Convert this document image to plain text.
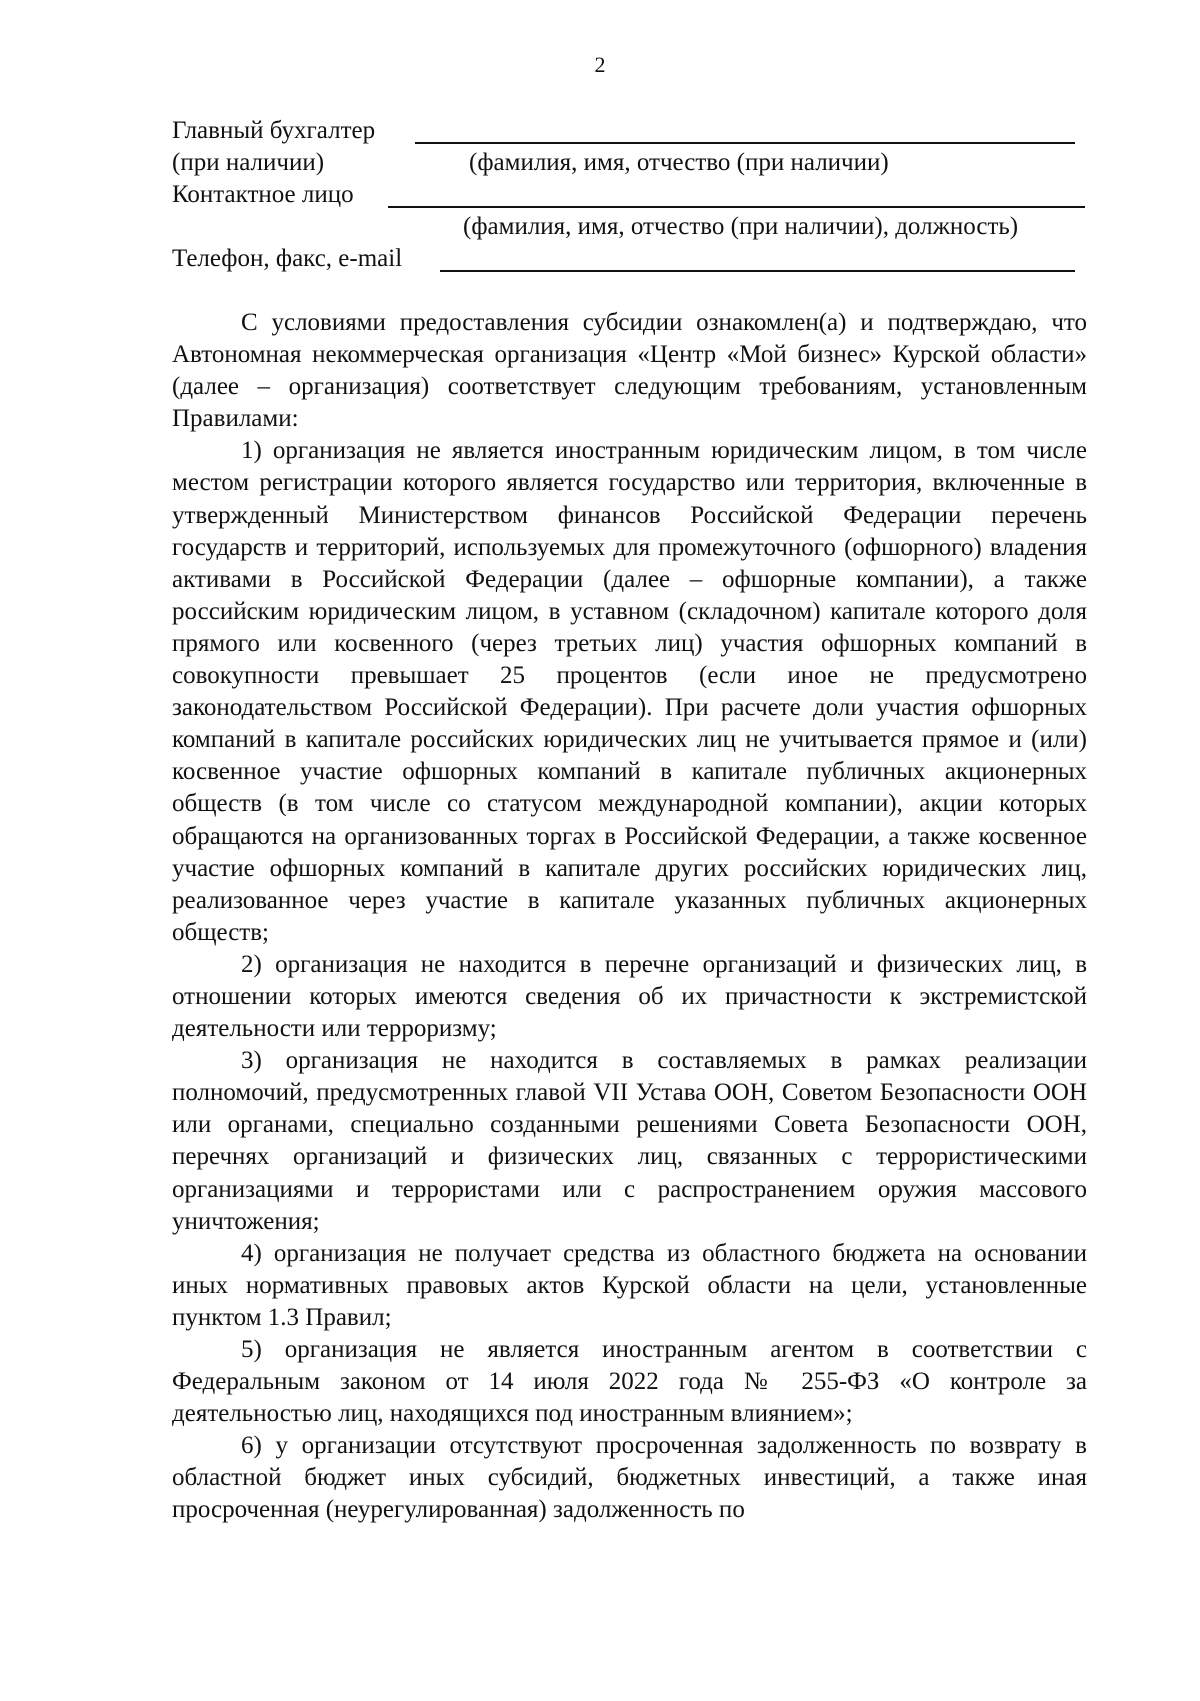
2
Главный бухгалтер
(при наличии)	(фамилия, имя, отчество (при наличии)
Контактное лицо
(фамилия, имя, отчество (при наличии), должность)
Телефон, факс, e-mail

С условиями предоставления субсидии ознакомлен(а) и подтверждаю, что Автономная некоммерческая организация «Центр «Мой бизнес» Курской области» (далее – организация) соответствует следующим требованиям, установленным Правилами:

1) организация не является иностранным юридическим лицом, в том числе местом регистрации которого является государство или территория, включенные в утвержденный Министерством финансов Российской Федерации перечень государств и территорий, используемых для промежуточного (офшорного) владения активами в Российской Федерации (далее – офшорные компании), а также российским юридическим лицом, в уставном (складочном) капитале которого доля прямого или косвенного (через третьих лиц) участия офшорных компаний в совокупности превышает 25 процентов (если иное не предусмотрено законодательством Российской Федерации). При расчете доли участия офшорных компаний в капитале российских юридических лиц не учитывается прямое и (или) косвенное участие офшорных компаний в капитале публичных акционерных обществ (в том числе со статусом международной компании), акции которых обращаются на организованных торгах в Российской Федерации, а также косвенное участие офшорных компаний в капитале других российских юридических лиц, реализованное через участие в капитале указанных публичных акционерных обществ;

2) организация не находится в перечне организаций и физических лиц, в отношении которых имеются сведения об их причастности к экстремистской деятельности или терроризму;

3) организация не находится в составляемых в рамках реализации полномочий, предусмотренных главой VII Устава ООН, Советом Безопасности ООН или органами, специально созданными решениями Совета Безопасности ООН, перечнях организаций и физических лиц, связанных с террористическими организациями и террористами или с распространением оружия массового уничтожения;

4) организация не получает средства из областного бюджета на основании иных нормативных правовых актов Курской области на цели, установленные пунктом 1.3 Правил;

5) организация не является иностранным агентом в соответствии с Федеральным законом от 14 июля 2022 года № 255-ФЗ «О контроле за деятельностью лиц, находящихся под иностранным влиянием»;

6) у организации отсутствуют просроченная задолженность по возврату в областной бюджет иных субсидий, бюджетных инвестиций, а также иная просроченная (неурегулированная) задолженность по
